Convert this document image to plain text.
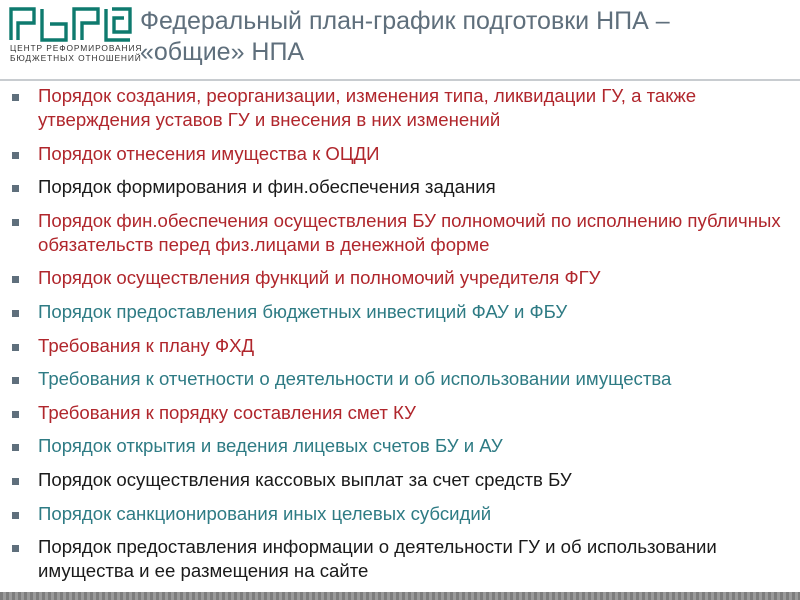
ЦЕНТР РЕФОРМИРОВАНИЯ
БЮДЖЕТНЫХ ОТНОШЕНИЙ
Федеральный план-график подготовки НПА –
«общие» НПА
Порядок создания, реорганизации, изменения типа, ликвидации ГУ, а также утверждения уставов ГУ и внесения в них изменений
Порядок отнесения имущества к ОЦДИ
Порядок формирования и фин.обеспечения задания
Порядок фин.обеспечения осуществления БУ полномочий по исполнению публичных обязательств перед физ.лицами в денежной форме
Порядок осуществления функций и полномочий учредителя ФГУ
Порядок предоставления бюджетных инвестиций ФАУ и ФБУ
Требования к плану ФХД
Требования к отчетности о деятельности и об использовании имущества
Требования к порядку составления смет КУ
Порядок открытия и ведения лицевых счетов БУ и АУ
Порядок осуществления кассовых выплат за счет средств БУ
Порядок санкционирования иных целевых субсидий
Порядок предоставления информации о деятельности ГУ и об использовании имущества и ее размещения на сайте
